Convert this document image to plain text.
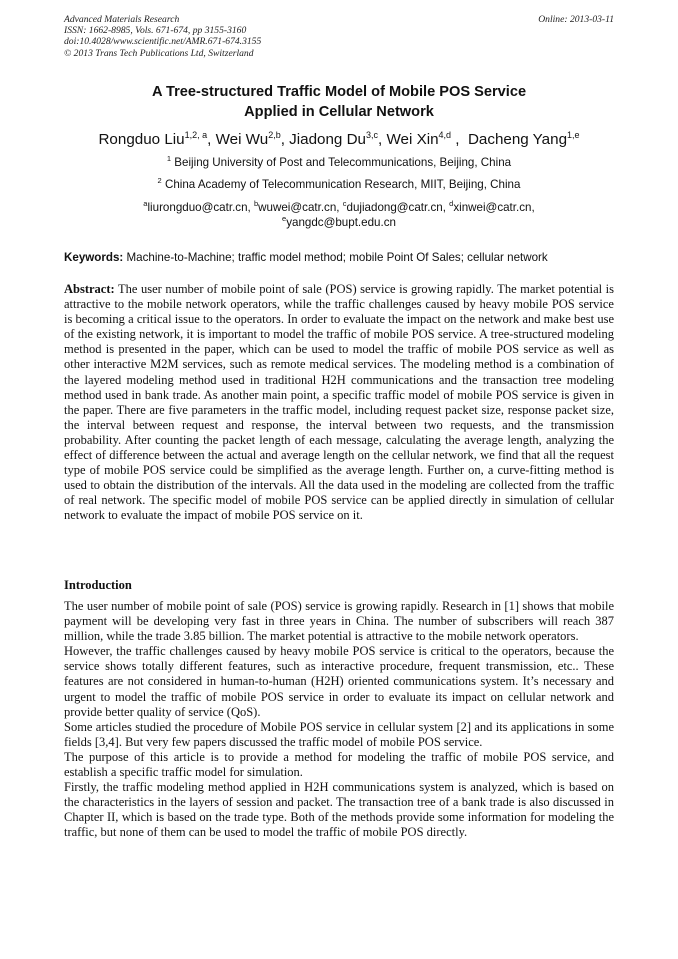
Advanced Materials Research	Online: 2013-03-11
ISSN: 1662-8985, Vols. 671-674, pp 3155-3160
doi:10.4028/www.scientific.net/AMR.671-674.3155
© 2013 Trans Tech Publications Ltd, Switzerland
A Tree-structured Traffic Model of Mobile POS Service
Applied in Cellular Network
Rongduo Liu$^{1,2, a}$, Wei Wu$^{2,b}$, Jiadong Du$^{3,c}$, Wei Xin$^{4,d}$ ,  Dacheng Yang$^{1,e}$
$^1$ Beijing University of Post and Telecommunications, Beijing, China
$^2$ China Academy of Telecommunication Research, MIIT, Beijing, China
$^a$liurongduo@catr.cn, $^b$wuwei@catr.cn, $^c$dujiadong@catr.cn, $^d$xinwei@catr.cn,
$^e$yangdc@bupt.edu.cn
Keywords: Machine-to-Machine; traffic model method; mobile Point Of Sales; cellular network

Abstract: The user number of mobile point of sale (POS) service is growing rapidly. The market potential is attractive to the mobile network operators, while the traffic challenges caused by heavy mobile POS service is becoming a critical issue to the operators. In order to evaluate the impact on the network and make best use of the existing network, it is important to model the traffic of mobile POS service. A tree-structured modeling method is presented in the paper, which can be used to model the traffic of mobile POS service as well as other interactive M2M services, such as remote medical services. The modeling method is a combination of the layered modeling method used in traditional H2H communications and the transaction tree modeling method used in bank trade. As another main point, a specific traffic model of mobile POS service is given in the paper. There are five parameters in the traffic model, including request packet size, response packet size, the interval between request and response, the interval between two requests, and the transmission probability. After counting the packet length of each message, calculating the average length, analyzing the effect of difference between the actual and average length on the cellular network, we find that all the request type of mobile POS service could be simplified as the average length. Further on, a curve-fitting method is used to obtain the distribution of the intervals. All the data used in the modeling are collected from the traffic of real network. The specific model of mobile POS service can be applied directly in simulation of cellular network to evaluate the impact of mobile POS service on it.

Introduction

The user number of mobile point of sale (POS) service is growing rapidly. Research in [1] shows that mobile payment will be developing very fast in three years in China. The number of subscribers will reach 387 million, while the trade 3.85 billion. The market potential is attractive to the mobile network operators.

However, the traffic challenges caused by heavy mobile POS service is critical to the operators, because the service shows totally different features, such as interactive procedure, frequent transmission, etc.. These features are not considered in human-to-human (H2H) oriented communications system. It’s necessary and urgent to model the traffic of mobile POS service in order to evaluate its impact on cellular network and provide better quality of service (QoS).

Some articles studied the procedure of Mobile POS service in cellular system [2] and its applications in some fields [3,4]. But very few papers discussed the traffic model of mobile POS service.

The purpose of this article is to provide a method for modeling the traffic of mobile POS service, and establish a specific traffic model for simulation.

Firstly, the traffic modeling method applied in H2H communications system is analyzed, which is based on the characteristics in the layers of session and packet. The transaction tree of a bank trade is also discussed in Chapter II, which is based on the trade type. Both of the methods provide some information for modeling the traffic, but none of them can be used to model the traffic of mobile POS directly.
